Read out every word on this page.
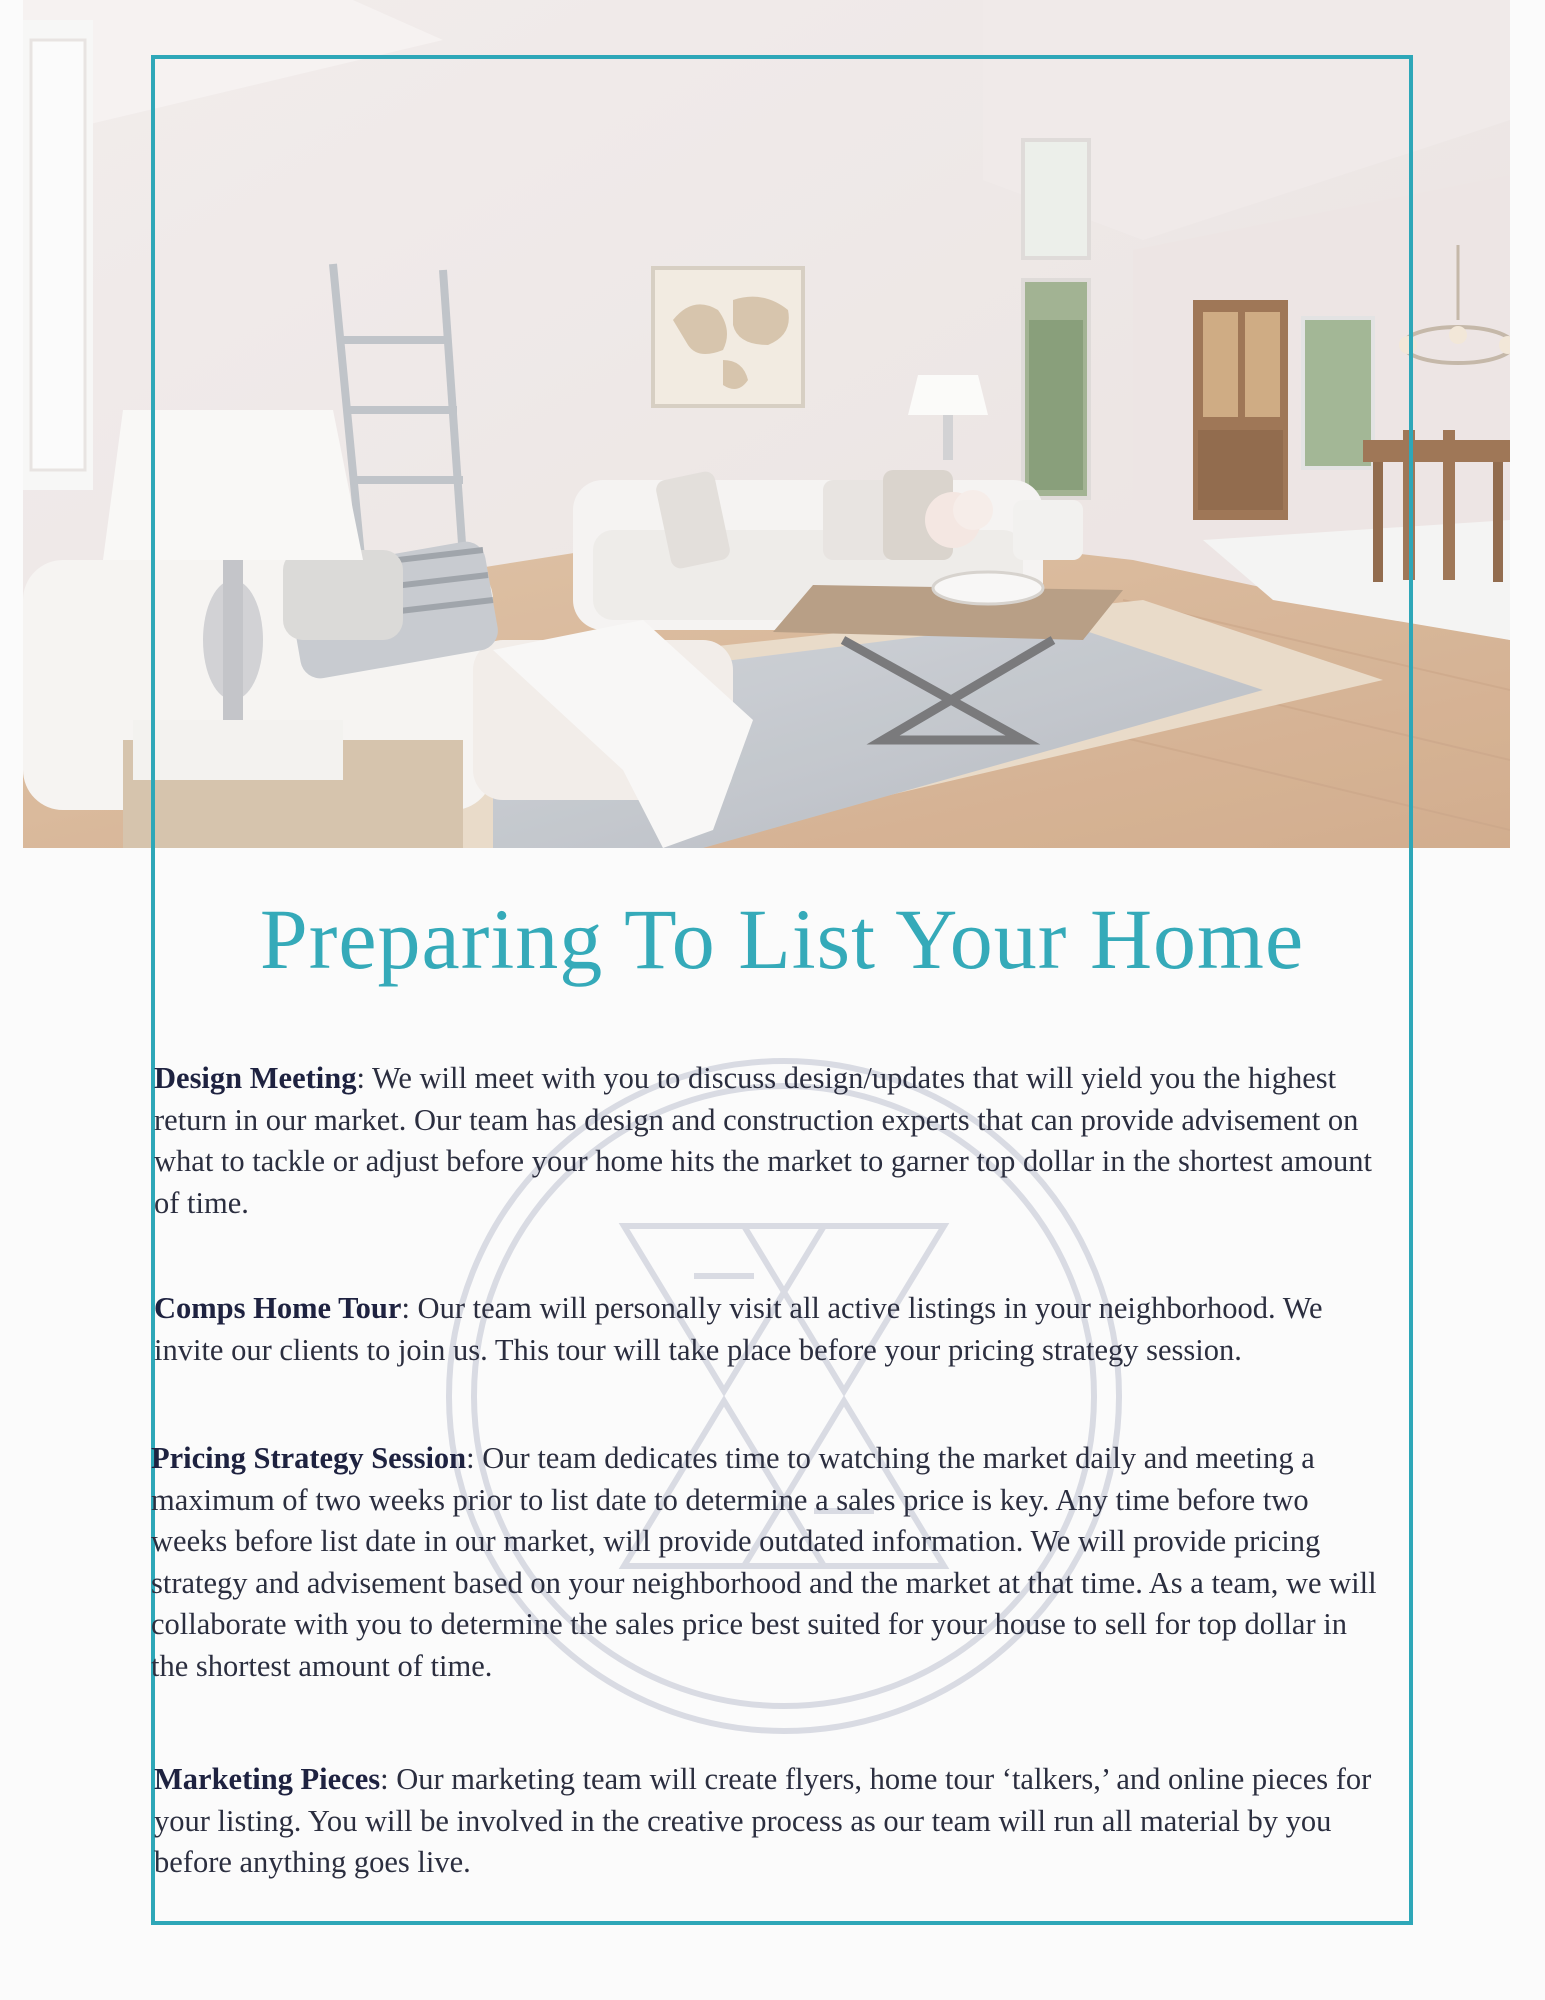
Preparing To List Your Home

Design Meeting: We will meet with you to discuss design/updates that will yield you the highest return in our market. Our team has design and construction experts that can provide advisement on what to tackle or adjust before your home hits the market to garner top dollar in the shortest amount of time.

Comps Home Tour: Our team will personally visit all active listings in your neighborhood. We invite our clients to join us. This tour will take place before your pricing strategy session.

Pricing Strategy Session: Our team dedicates time to watching the market daily and meeting a maximum of two weeks prior to list date to determine a sales price is key. Any time before two weeks before list date in our market, will provide outdated information. We will provide pricing strategy and advisement based on your neighborhood and the market at that time. As a team, we will collaborate with you to determine the sales price best suited for your house to sell for top dollar in the shortest amount of time.

Marketing Pieces: Our marketing team will create flyers, home tour ‘talkers,’ and online pieces for your listing. You will be involved in the creative process as our team will run all material by you before anything goes live.
